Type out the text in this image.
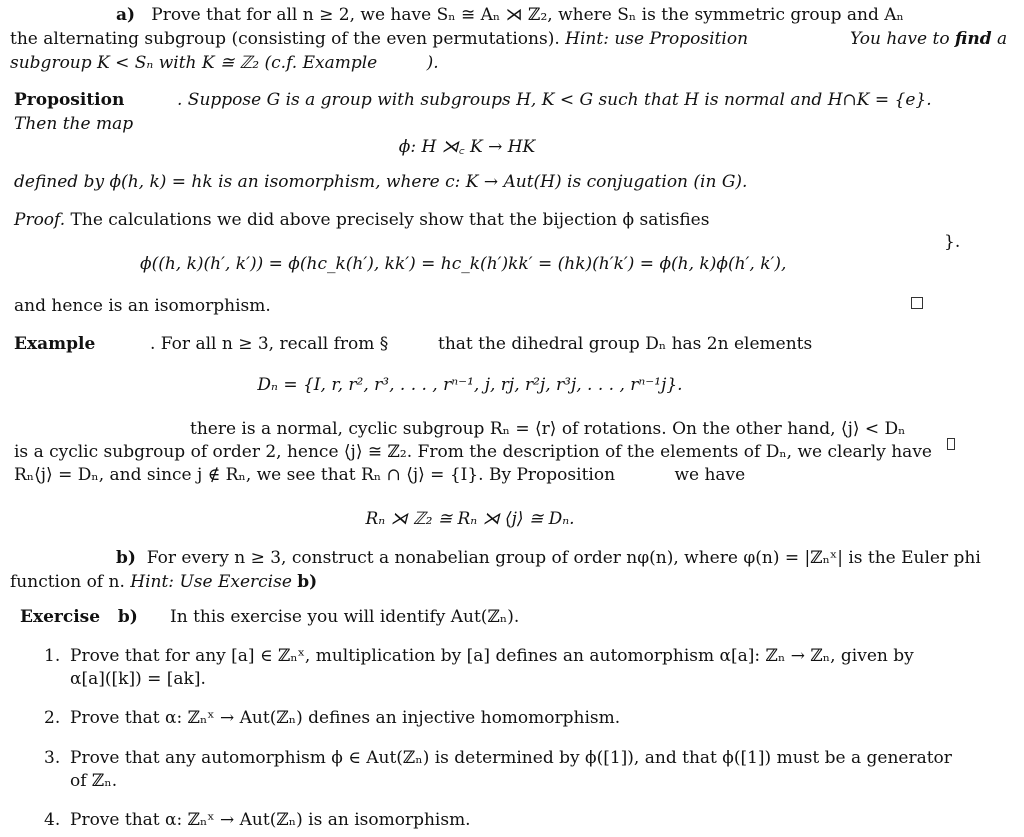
a) Prove that for all n ≥ 2, we have Sₙ ≅ Aₙ ⋊ ℤ₂, where Sₙ is the symmetric group and Aₙ
the alternating subgroup (consisting of the even permutations). Hint: use Proposition	You have to find a
subgroup K < Sₙ with K ≅ ℤ₂ (c.f. Example	).
Proposition	. Suppose G is a group with subgroups H, K < G such that H is normal and H∩K = {e}.
Then the map
ϕ: H ⋊꜀ K → HK
defined by ϕ(h, k) = hk is an isomorphism, where c: K → Aut(H) is conjugation (in G).
Proof. The calculations we did above precisely show that the bijection ϕ satisfies
}.
ϕ((h, k)(h′, k′)) = ϕ(hc_k(h′), kk′) = hc_k(h′)kk′ = (hk)(h′k′) = ϕ(h, k)ϕ(h′, k′),
and hence is an isomorphism.
Example	. For all n ≥ 3, recall from §	that the dihedral group Dₙ has 2n elements
Dₙ = {I, r, r², r³, . . . , rⁿ⁻¹, j, rj, r²j, r³j, . . . , rⁿ⁻¹j}.
there is a normal, cyclic subgroup Rₙ = ⟨r⟩ of rotations. On the other hand, ⟨j⟩ < Dₙ
is a cyclic subgroup of order 2, hence ⟨j⟩ ≅ ℤ₂. From the description of the elements of Dₙ, we clearly have
Rₙ⟨j⟩ = Dₙ, and since j ∉ Rₙ, we see that Rₙ ∩ ⟨j⟩ = {I}. By Proposition	we have
Rₙ ⋊ ℤ₂ ≅ Rₙ ⋊ ⟨j⟩ ≅ Dₙ.
b) For every n ≥ 3, construct a nonabelian group of order nφ(n), where φ(n) = |ℤₙˣ| is the Euler phi
function of n. Hint: Use Exercise b)
Exercise b) In this exercise you will identify Aut(ℤₙ).
1. Prove that for any [a] ∈ ℤₙˣ, multiplication by [a] defines an automorphism α[a]: ℤₙ → ℤₙ, given by
α[a]([k]) = [ak].
2. Prove that α: ℤₙˣ → Aut(ℤₙ) defines an injective homomorphism.
3. Prove that any automorphism ϕ ∈ Aut(ℤₙ) is determined by ϕ([1]), and that ϕ([1]) must be a generator
of ℤₙ.
4. Prove that α: ℤₙˣ → Aut(ℤₙ) is an isomorphism.
